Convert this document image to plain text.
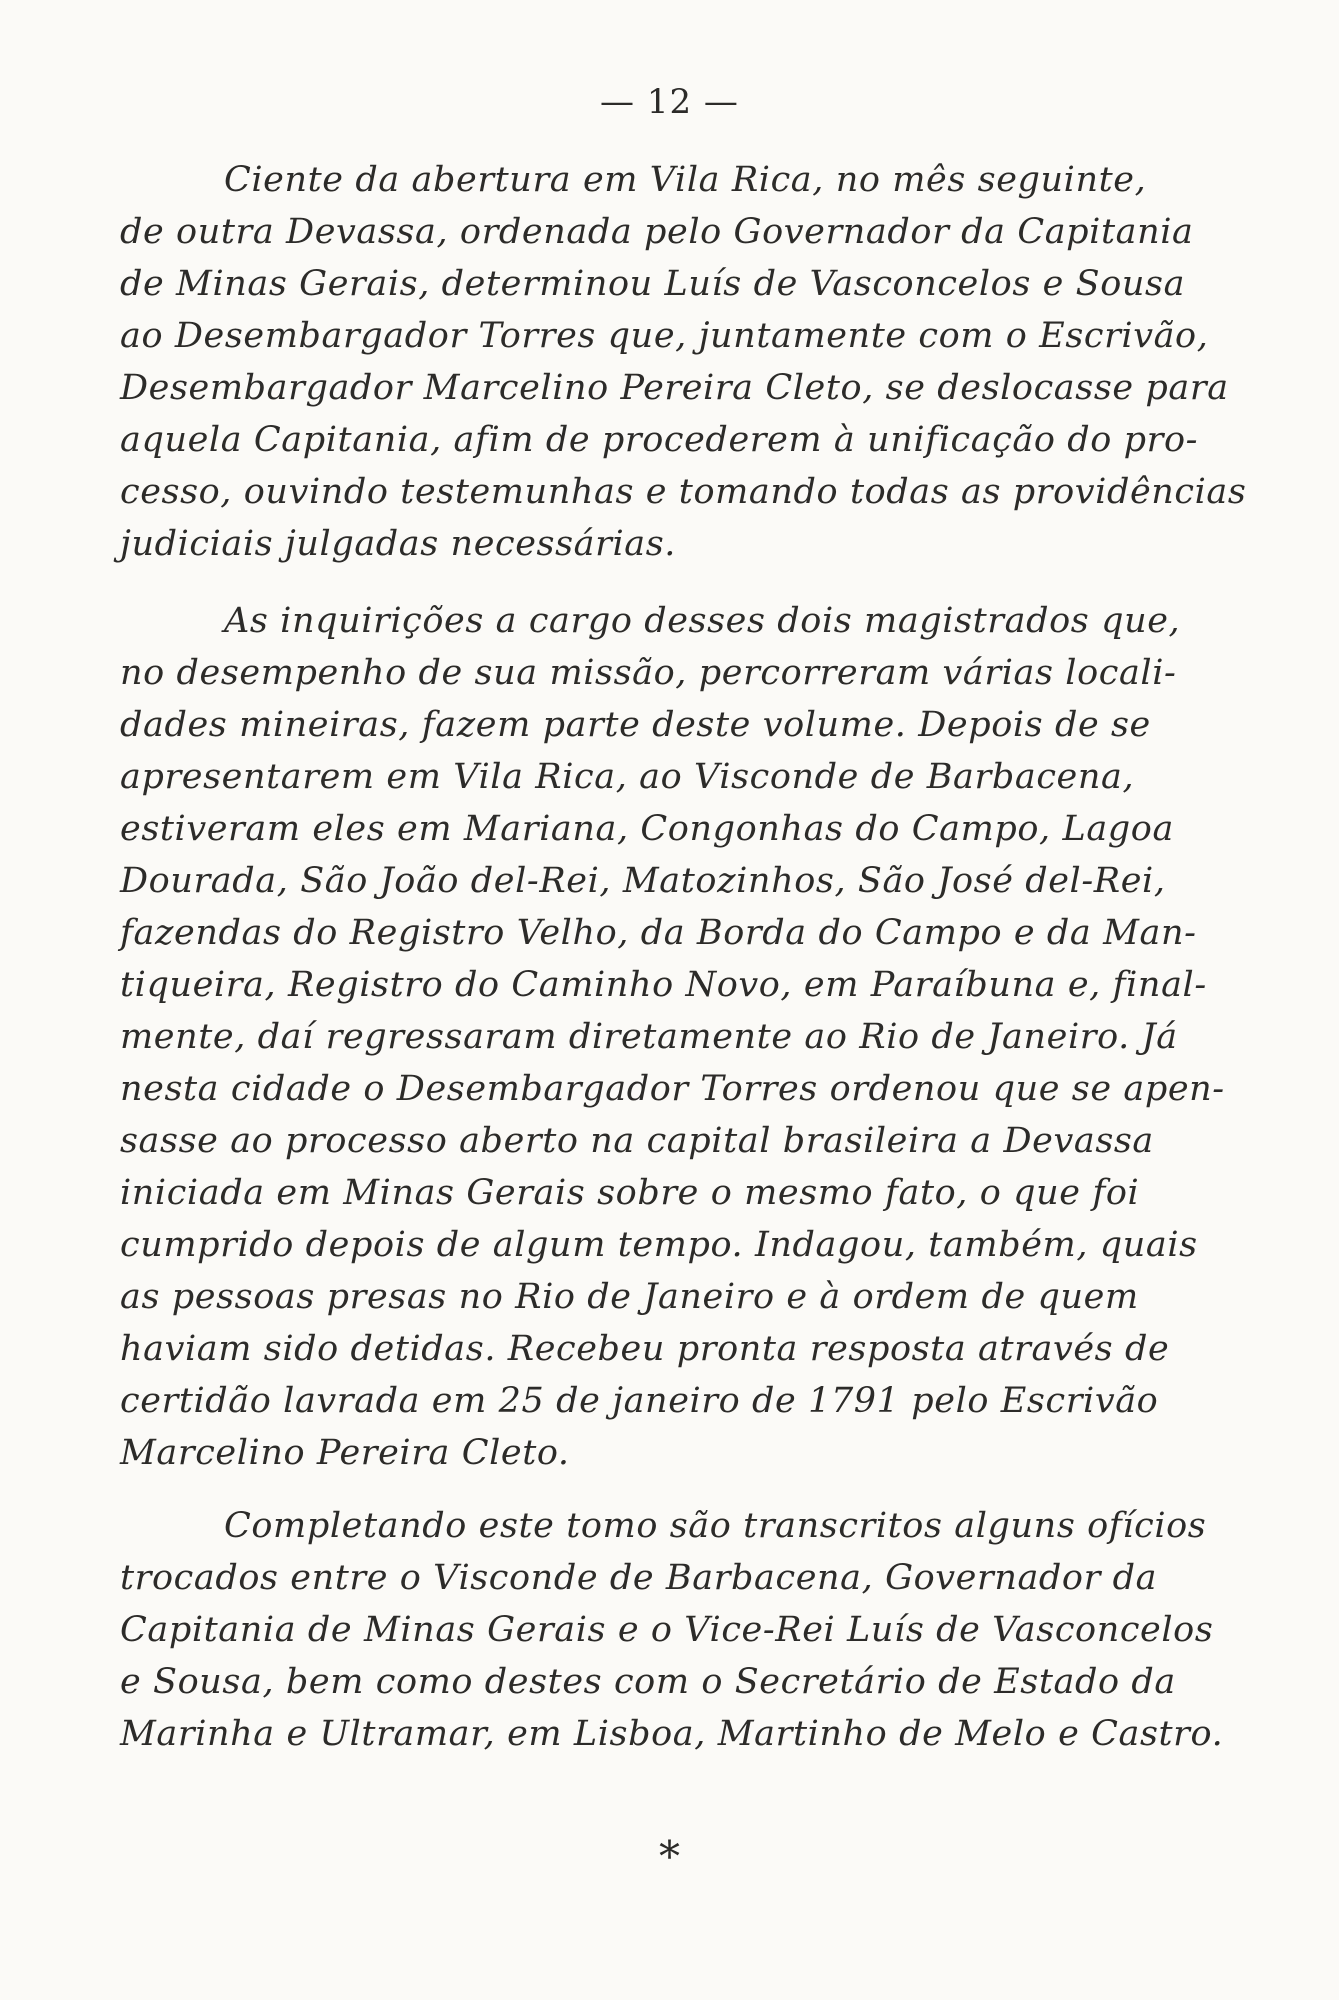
— 12 —

Ciente da abertura em Vila Rica, no mês seguinte,
de outra Devassa, ordenada pelo Governador da Capitania
de Minas Gerais, determinou Luís de Vasconcelos e Sousa
ao Desembargador Torres que, juntamente com o Escrivão,
Desembargador Marcelino Pereira Cleto, se deslocasse para
aquela Capitania, afim de procederem à unificação do pro-
cesso, ouvindo testemunhas e tomando todas as providências
judiciais julgadas necessárias.

As inquirições a cargo desses dois magistrados que,
no desempenho de sua missão, percorreram várias locali-
dades mineiras, fazem parte deste volume. Depois de se
apresentarem em Vila Rica, ao Visconde de Barbacena,
estiveram eles em Mariana, Congonhas do Campo, Lagoa
Dourada, São João del-Rei, Matozinhos, São José del-Rei,
fazendas do Registro Velho, da Borda do Campo e da Man-
tiqueira, Registro do Caminho Novo, em Paraíbuna e, final-
mente, daí regressaram diretamente ao Rio de Janeiro. Já
nesta cidade o Desembargador Torres ordenou que se apen-
sasse ao processo aberto na capital brasileira a Devassa
iniciada em Minas Gerais sobre o mesmo fato, o que foi
cumprido depois de algum tempo. Indagou, também, quais
as pessoas presas no Rio de Janeiro e à ordem de quem
haviam sido detidas. Recebeu pronta resposta através de
certidão lavrada em 25 de janeiro de 1791 pelo Escrivão
Marcelino Pereira Cleto.

Completando este tomo são transcritos alguns ofícios
trocados entre o Visconde de Barbacena, Governador da
Capitania de Minas Gerais e o Vice-Rei Luís de Vasconcelos
e Sousa, bem como destes com o Secretário de Estado da
Marinha e Ultramar, em Lisboa, Martinho de Melo e Castro.

*
